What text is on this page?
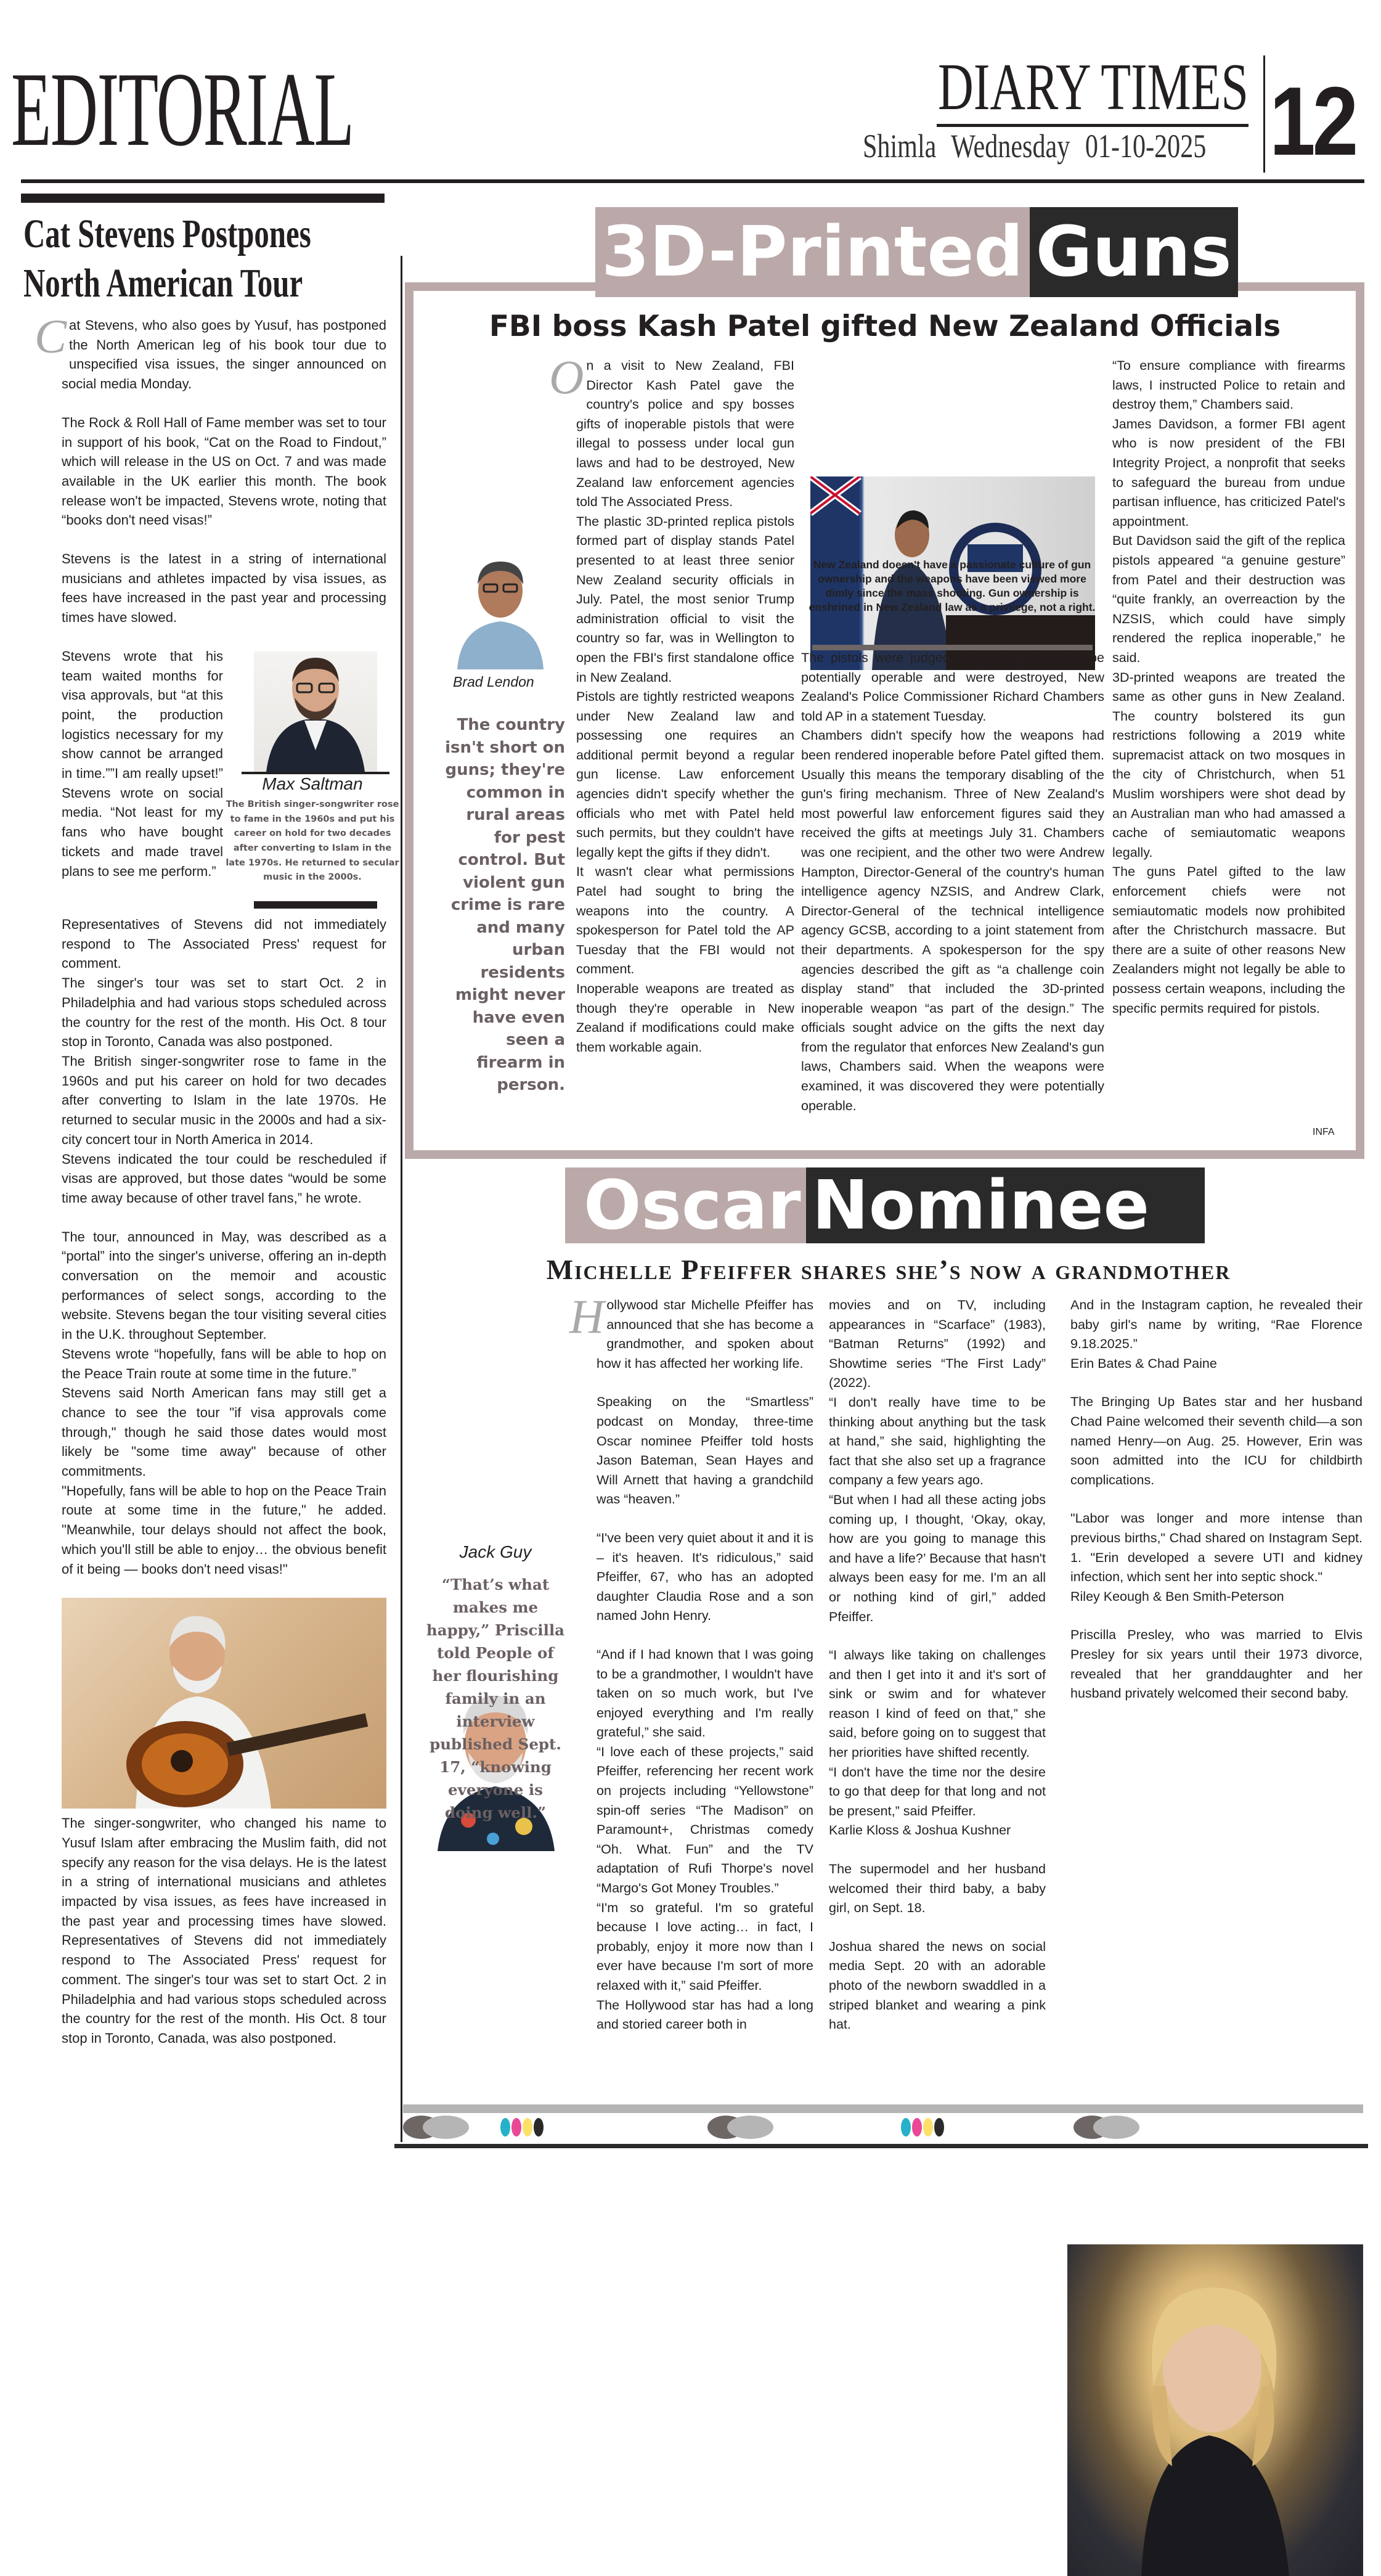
EDITORIAL	DIARY TIMES
Shimla Wednesday 01-10-2025 12
Cat Stevens Postpones
North American Tour

Cat Stevens, who also goes by Yusuf, has postponed the North American leg of his book tour due to unspecified visa issues, the singer announced on social media Monday.

The Rock & Roll Hall of Fame member was set to tour in support of his book, “Cat on the Road to Findout,” which will release in the US on Oct. 7 and was made available in the UK earlier this month. The book release won't be impacted, Stevens wrote, noting that “books don't need visas!”

Stevens is the latest in a string of international musicians and athletes impacted by visa issues, as fees have increased in the past year and processing times have slowed.

Stevens wrote that his team waited months for visa approvals, but “at this point, the production logistics necessary for my show cannot be arranged in time.””I am really upset!” Stevens wrote on social media. “Not least for my fans who have bought tickets and made travel plans to see me perform.”

Max Saltman
The British singer-songwriter rose to fame in the 1960s and put his career on hold for two decades after converting to Islam in the late 1970s. He returned to secular music in the 2000s.

Representatives of Stevens did not immediately respond to The Associated Press' request for comment.

The singer's tour was set to start Oct. 2 in Philadelphia and had various stops scheduled across the country for the rest of the month. His Oct. 8 tour stop in Toronto, Canada was also postponed.

The British singer-songwriter rose to fame in the 1960s and put his career on hold for two decades after converting to Islam in the late 1970s. He returned to secular music in the 2000s and had a six-city concert tour in North America in 2014.

Stevens indicated the tour could be rescheduled if visas are approved, but those dates “would be some time away because of other travel fans,” he wrote.

The tour, announced in May, was described as a “portal” into the singer's universe, offering an in-depth conversation on the memoir and acoustic performances of select songs, according to the website. Stevens began the tour visiting several cities in the U.K. throughout September.

Stevens wrote “hopefully, fans will be able to hop on the Peace Train route at some time in the future.”

Stevens said North American fans may still get a chance to see the tour "if visa approvals come through," though he said those dates would most likely be "some time away" because of other commitments.

"Hopefully, fans will be able to hop on the Peace Train route at some time in the future," he added. "Meanwhile, tour delays should not affect the book, which you'll still be able to enjoy… the obvious benefit of it being — books don't need visas!"

The singer-songwriter, who changed his name to Yusuf Islam after embracing the Muslim faith, did not specify any reason for the visa delays. He is the latest in a string of international musicians and athletes impacted by visa issues, as fees have increased in the past year and processing times have slowed. Representatives of Stevens did not immediately respond to The Associated Press' request for comment. The singer's tour was set to start Oct. 2 in Philadelphia and had various stops scheduled across the country for the rest of the month. His Oct. 8 tour stop in Toronto, Canada, was also postponed.

3D-Printed Guns
FBI boss Kash Patel gifted New Zealand Officials
Brad Lendon
The country isn't short on guns; they're common in rural areas for pest control. But violent gun crime is rare and many urban residents might never have even seen a firearm in person.

On a visit to New Zealand, FBI Director Kash Patel gave the country's police and spy bosses gifts of inoperable pistols that were illegal to possess under local gun laws and had to be destroyed, New Zealand law enforcement agencies told The Associated Press.

The plastic 3D-printed replica pistols formed part of display stands Patel presented to at least three senior New Zealand security officials in July. Patel, the most senior Trump administration official to visit the country so far, was in Wellington to open the FBI's first standalone office in New Zealand.

Pistols are tightly restricted weapons under New Zealand law and possessing one requires an additional permit beyond a regular gun license. Law enforcement agencies didn't specify whether the officials who met with Patel held such permits, but they couldn't have legally kept the gifts if they didn't.

It wasn't clear what permissions Patel had sought to bring the weapons into the country. A spokesperson for Patel told the AP Tuesday that the FBI would not comment.

Inoperable weapons are treated as though they're operable in New Zealand if modifications could make them workable again.

New Zealand doesn't have a passionate culture of gun ownership and the weapons have been viewed more dimly since the mass shooting. Gun ownership is enshrined in New Zealand law as a privilege, not a right.

The pistols were judged by gun regulators to be potentially operable and were destroyed, New Zealand's Police Commissioner Richard Chambers told AP in a statement Tuesday.

Chambers didn't specify how the weapons had been rendered inoperable before Patel gifted them. Usually this means the temporary disabling of the gun's firing mechanism. Three of New Zealand's most powerful law enforcement figures said they received the gifts at meetings July 31. Chambers was one recipient, and the other two were Andrew Hampton, Director-General of the country's human intelligence agency NZSIS, and Andrew Clark, Director-General of the technical intelligence agency GCSB, according to a joint statement from their departments. A spokesperson for the spy agencies described the gift as “a challenge coin display stand” that included the 3D-printed inoperable weapon “as part of the design.” The officials sought advice on the gifts the next day from the regulator that enforces New Zealand's gun laws, Chambers said. When the weapons were examined, it was discovered they were potentially operable.

“To ensure compliance with firearms laws, I instructed Police to retain and destroy them,” Chambers said.

James Davidson, a former FBI agent who is now president of the FBI Integrity Project, a nonprofit that seeks to safeguard the bureau from undue partisan influence, has criticized Patel's appointment.

But Davidson said the gift of the replica pistols appeared “a genuine gesture” from Patel and their destruction was “quite frankly, an overreaction by the NZSIS, which could have simply rendered the replica inoperable,” he said.

3D-printed weapons are treated the same as other guns in New Zealand. The country bolstered its gun restrictions following a 2019 white supremacist attack on two mosques in the city of Christchurch, when 51 Muslim worshipers were shot dead by an Australian man who had amassed a cache of semiautomatic weapons legally.

The guns Patel gifted to the law enforcement chiefs were not semiautomatic models now prohibited after the Christchurch massacre. But there are a suite of other reasons New Zealanders might not legally be able to possess certain weapons, including the specific permits required for pistols.

INFA
Oscar Nominee
Michelle Pfeiffer shares she’s now a grandmother
Jack Guy
“That’s what makes me happy,” Priscilla told People of her flourishing family in an interview published Sept. 17, “knowing everyone is doing well.”

Hollywood star Michelle Pfeiffer has announced that she has become a grandmother, and spoken about how it has affected her working life.

Speaking on the “Smartless” podcast on Monday, three-time Oscar nominee Pfeiffer told hosts Jason Bateman, Sean Hayes and Will Arnett that having a grandchild was “heaven.”

“I've been very quiet about it and it is – it's heaven. It's ridiculous,” said Pfeiffer, 67, who has an adopted daughter Claudia Rose and a son named John Henry.

“And if I had known that I was going to be a grandmother, I wouldn't have taken on so much work, but I've enjoyed everything and I'm really grateful,” she said.

“I love each of these projects,” said Pfeiffer, referencing her recent work on projects including “Yellowstone” spin-off series “The Madison” on Paramount+, Christmas comedy “Oh. What. Fun” and the TV adaptation of Rufi Thorpe's novel “Margo's Got Money Troubles.”

“I'm so grateful. I'm so grateful because I love acting… in fact, I probably, enjoy it more now than I ever have because I'm sort of more relaxed with it,” said Pfeiffer.

The Hollywood star has had a long and storied career both in

movies and on TV, including appearances in “Scarface” (1983), “Batman Returns” (1992) and Showtime series “The First Lady” (2022).

“I don't really have time to be thinking about anything but the task at hand,” she said, highlighting the fact that she also set up a fragrance company a few years ago.

“But when I had all these acting jobs coming up, I thought, ‘Okay, okay, how are you going to manage this and have a life?’ Because that hasn't always been easy for me. I'm an all or nothing kind of girl,” added Pfeiffer.

“I always like taking on challenges and then I get into it and it's sort of sink or swim and for whatever reason I kind of feed on that,” she said, before going on to suggest that her priorities have shifted recently.

“I don't have the time nor the desire to go that deep for that long and not be present,” said Pfeiffer.

Karlie Kloss & Joshua Kushner

The supermodel and her husband welcomed their third baby, a baby girl, on Sept. 18.

Joshua shared the news on social media Sept. 20 with an adorable photo of the newborn swaddled in a striped blanket and wearing a pink hat.

And in the Instagram caption, he revealed their baby girl's name by writing, “Rae Florence 9.18.2025.”

Erin Bates & Chad Paine

The Bringing Up Bates star and her husband Chad Paine welcomed their seventh child—a son named Henry—on Aug. 25. However, Erin was soon admitted into the ICU for childbirth complications.

"Labor was longer and more intense than previous births," Chad shared on Instagram Sept. 1. "Erin developed a severe UTI and kidney infection, which sent her into septic shock."

Riley Keough & Ben Smith-Peterson

Priscilla Presley, who was married to Elvis Presley for six years until their 1973 divorce, revealed that her granddaughter and her husband privately welcomed their second baby.
